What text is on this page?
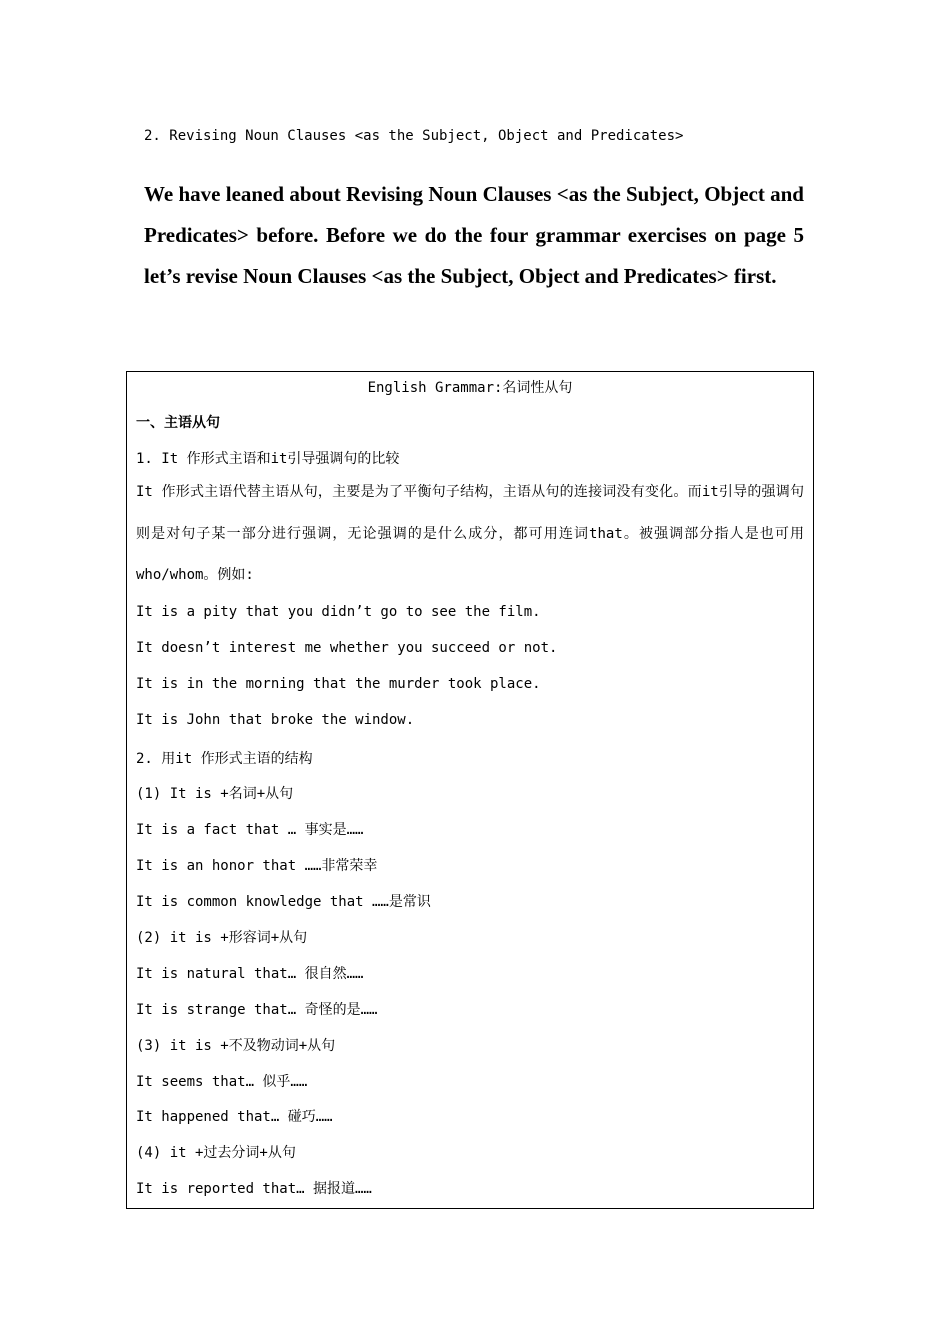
2. Revising Noun Clauses <as the Subject, Object and Predicates>
We have leaned about Revising Noun Clauses <as the Subject, Object and Predicates> before. Before we do the four grammar exercises on page 5 let’s revise Noun Clauses <as the Subject, Object and Predicates> first.
English Grammar:名词性从句
一、主语从句
1. It 作形式主语和it引导强调句的比较
It 作形式主语代替主语从句，主要是为了平衡句子结构，主语从句的连接词没有变化。而it引导的强调句则是对句子某一部分进行强调，无论强调的是什么成分，都可用连词that。被强调部分指人是也可用who/whom。例如:
It is a pity that you didn’t go to see the film.
It doesn’t interest me whether you succeed or not.
It is in the morning that the murder took place.
It is John that broke the window.
2. 用it 作形式主语的结构
(1) It is +名词+从句
It is a fact that … 事实是……
It is an honor that ……非常荣幸
It is common knowledge that ……是常识
(2) it is +形容词+从句
It is natural that… 很自然……
It is strange that… 奇怪的是……
(3) it is +不及物动词+从句
It seems that… 似乎……
It happened that… 碰巧……
(4) it +过去分词+从句
It is reported that… 据报道……
